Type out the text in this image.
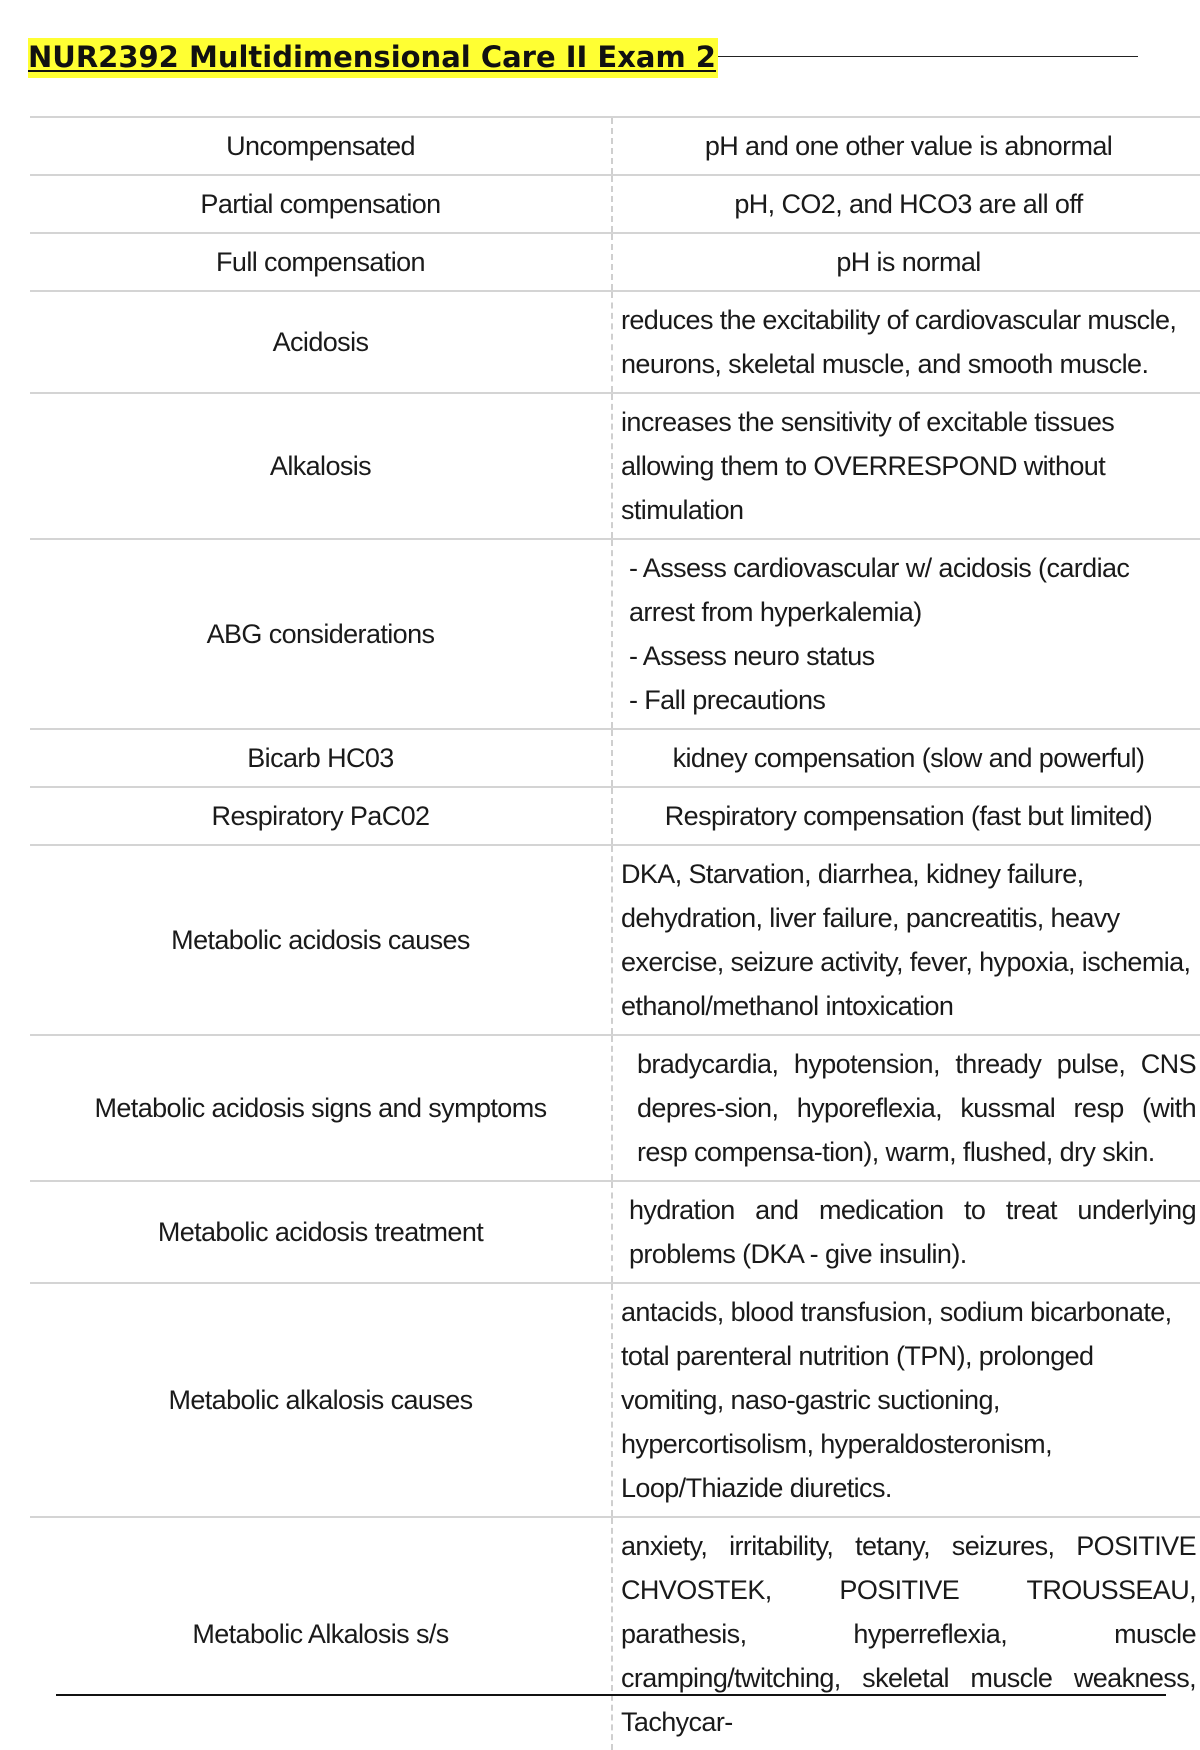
NUR2392 Multidimensional Care II Exam 2
Uncompensated	pH and one other value is abnormal
Partial compensation	pH, CO2, and HCO3 are all off
Full compensation	pH is normal
Acidosis	reduces the excitability of cardiovascular muscle, neurons, skeletal muscle, and smooth muscle.
Alkalosis	increases the sensitivity of excitable tissues allowing them to OVERRESPOND without stimulation
ABG considerations	- Assess cardiovascular w/ acidosis (cardiac arrest from hyperkalemia)
- Assess neuro status
- Fall precautions

Bicarb HC03	kidney compensation (slow and powerful)
Respiratory PaC02	Respiratory compensation (fast but limited)
Metabolic acidosis causes	DKA, Starvation, diarrhea, kidney failure, dehydration, liver failure, pancreatitis, heavy exercise, seizure activity, fever, hypoxia, ischemia, ethanol/methanol intoxication
Metabolic acidosis signs and symptoms	bradycardia, hypotension, thready pulse, CNS depres-sion, hyporeflexia, kussmal resp (with resp compensa-tion), warm, flushed, dry skin.
Metabolic acidosis treatment	hydration and medication to treat underlying problems (DKA - give insulin).
Metabolic alkalosis causes	antacids, blood transfusion, sodium bicarbonate, total parenteral nutrition (TPN), prolonged vomiting, naso-gastric suctioning, hypercortisolism, hyperaldosteronism, Loop/Thiazide diuretics.
Metabolic Alkalosis s/s	anxiety, irritability, tetany, seizures, POSITIVE CHVOSTEK, POSITIVE TROUSSEAU, parathesis, hyperreflexia, muscle cramping/twitching, skeletal muscle weakness, Tachycar-
